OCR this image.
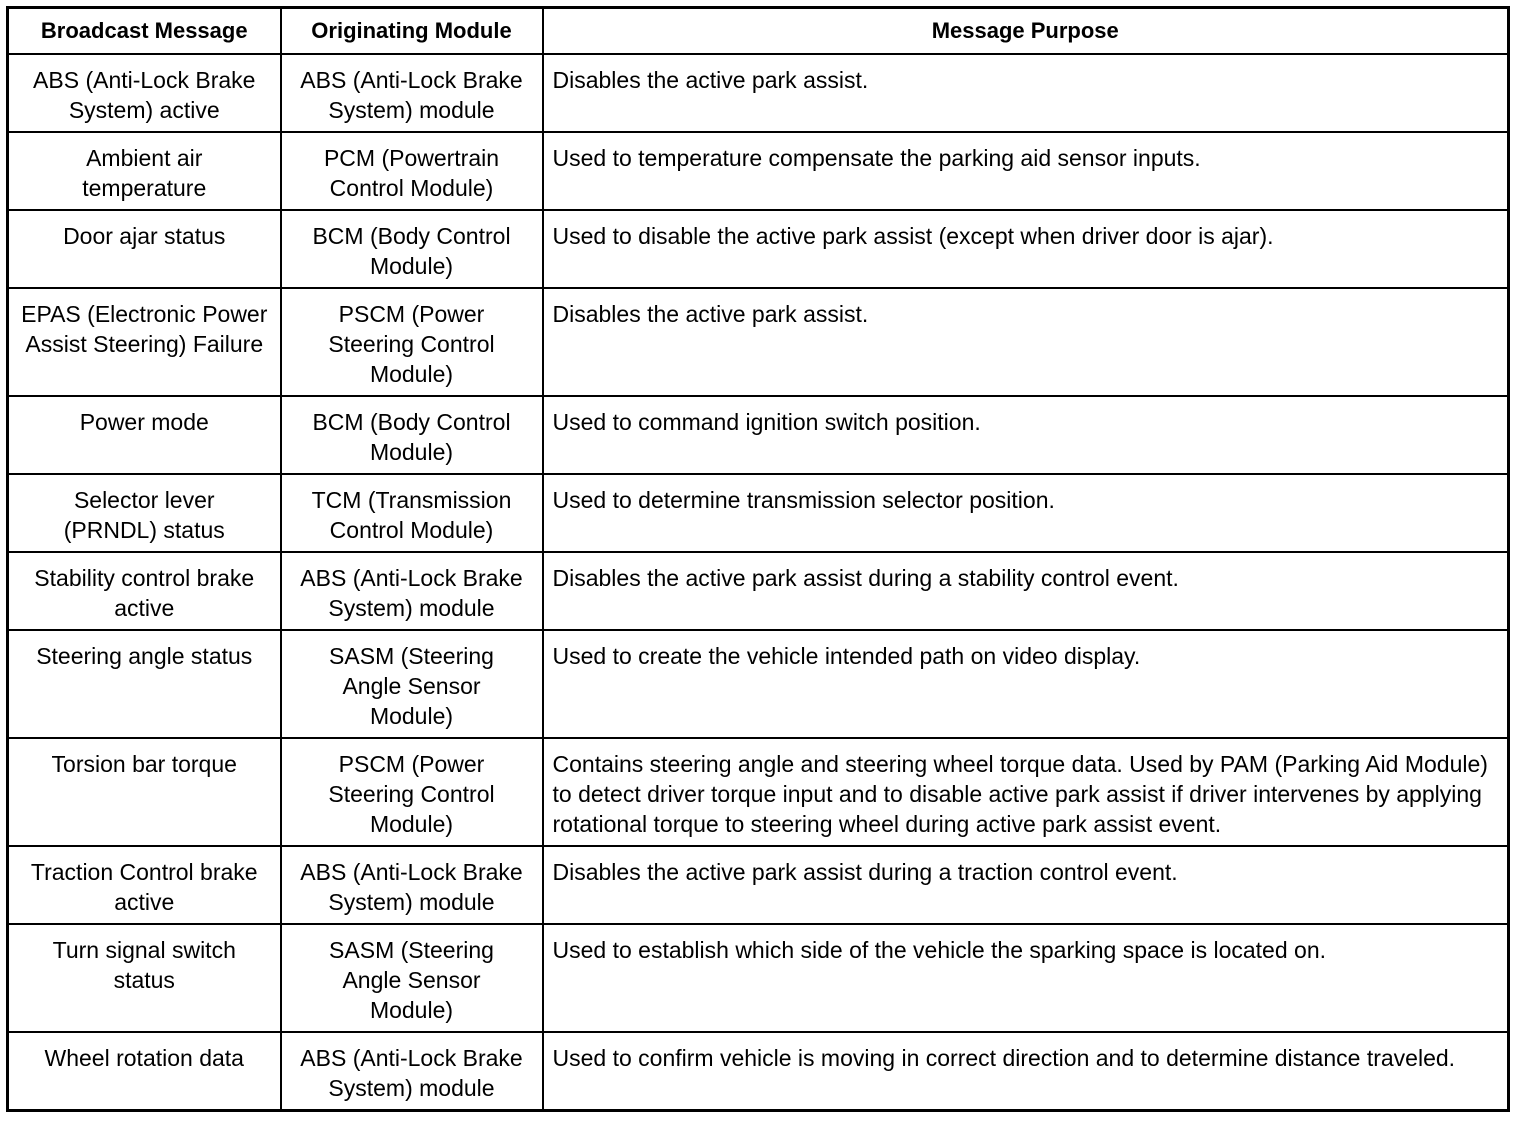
Broadcast Message	Originating Module	Message Purpose

ABS (Anti-Lock Brake System) active	ABS (Anti-Lock Brake System) module	Disables the active park assist.

Ambient air temperature	PCM (Powertrain Control Module)	Used to temperature compensate the parking aid sensor inputs.

Door ajar status	BCM (Body Control Module)	Used to disable the active park assist (except when driver door is ajar).

EPAS (Electronic Power Assist Steering) Failure	PSCM (Power Steering Control Module)	Disables the active park assist.

Power mode	BCM (Body Control Module)	Used to command ignition switch position.

Selector lever (PRNDL) status	TCM (Transmission Control Module)	Used to determine transmission selector position.

Stability control brake active	ABS (Anti-Lock Brake System) module	Disables the active park assist during a stability control event.

Steering angle status	SASM (Steering Angle Sensor Module)	Used to create the vehicle intended path on video display.

Torsion bar torque	PSCM (Power Steering Control Module)	Contains steering angle and steering wheel torque data. Used by PAM (Parking Aid Module) to detect driver torque input and to disable active park assist if driver intervenes by applying rotational torque to steering wheel during active park assist event.

Traction Control brake active	ABS (Anti-Lock Brake System) module	Disables the active park assist during a traction control event.

Turn signal switch status	SASM (Steering Angle Sensor Module)	Used to establish which side of the vehicle the sparking space is located on.

Wheel rotation data	ABS (Anti-Lock Brake System) module	Used to confirm vehicle is moving in correct direction and to determine distance traveled.
